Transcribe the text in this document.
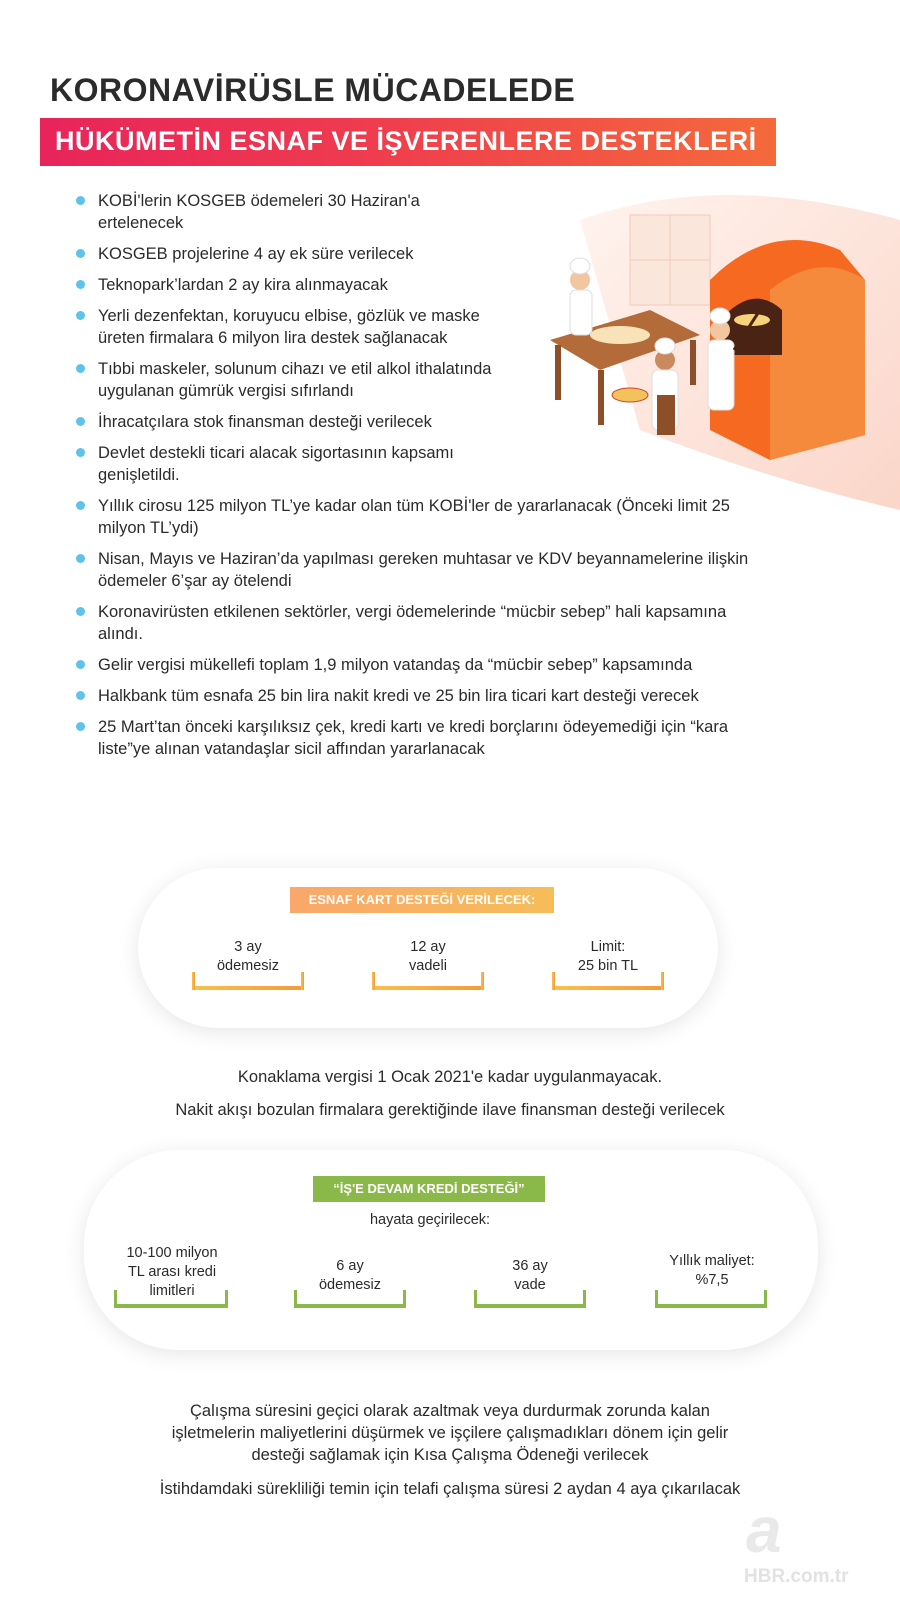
KORONAVİRÜSLE MÜCADELEDE
HÜKÜMETİN ESNAF VE İŞVERENLERE DESTEKLERİ
KOBİ'lerin KOSGEB ödemeleri 30 Haziran'a ertelenecek
KOSGEB projelerine 4 ay ek süre verilecek
Teknopark’lardan 2 ay kira alınmayacak
Yerli dezenfektan, koruyucu elbise, gözlük ve maske üreten firmalara 6 milyon lira destek sağlanacak
Tıbbi maskeler, solunum cihazı ve etil alkol ithalatında uygulanan gümrük vergisi sıfırlandı
İhracatçılara stok finansman desteği verilecek
Devlet destekli ticari alacak sigortasının kapsamı genişletildi.
Yıllık cirosu 125 milyon TL’ye kadar olan tüm KOBİ'ler de yararlanacak (Önceki limit 25 milyon TL’ydi)
Nisan, Mayıs ve Haziran’da yapılması gereken muhtasar ve KDV beyannamelerine ilişkin ödemeler 6’şar ay ötelendi
Koronavirüsten etkilenen sektörler, vergi ödemelerinde “mücbir sebep” hali kapsamına alındı.
Gelir vergisi mükellefi toplam 1,9 milyon vatandaş da “mücbir sebep” kapsamında
Halkbank tüm esnafa 25 bin lira nakit kredi ve 25 bin lira ticari kart desteği verecek
25 Mart’tan önceki karşılıksız çek, kredi kartı ve kredi borçlarını ödeyemediği için “kara liste”ye alınan vatandaşlar sicil affından yararlanacak
ESNAF KART DESTEĞİ VERİLECEK:
3 ay
ödemesiz
12 ay
vadeli
Limit:
25 bin TL
Konaklama vergisi 1 Ocak 2021'e kadar uygulanmayacak.
Nakit akışı bozulan firmalara gerektiğinde ilave finansman desteği verilecek
“İŞ'E DEVAM KREDİ DESTEĞİ”
hayata geçirilecek:
10-100 milyon
TL arası kredi
limitleri
6 ay
ödemesiz
36 ay
vade
Yıllık maliyet:
%7,5
Çalışma süresini geçici olarak azaltmak veya durdurmak zorunda kalan
işletmelerin maliyetlerini düşürmek ve işçilere çalışmadıkları dönem için gelir
desteği sağlamak için Kısa Çalışma Ödeneği verilecek
İstihdamdaki sürekliliği temin için telafi çalışma süresi 2 aydan 4 aya çıkarılacak
a
HBR.com.tr
